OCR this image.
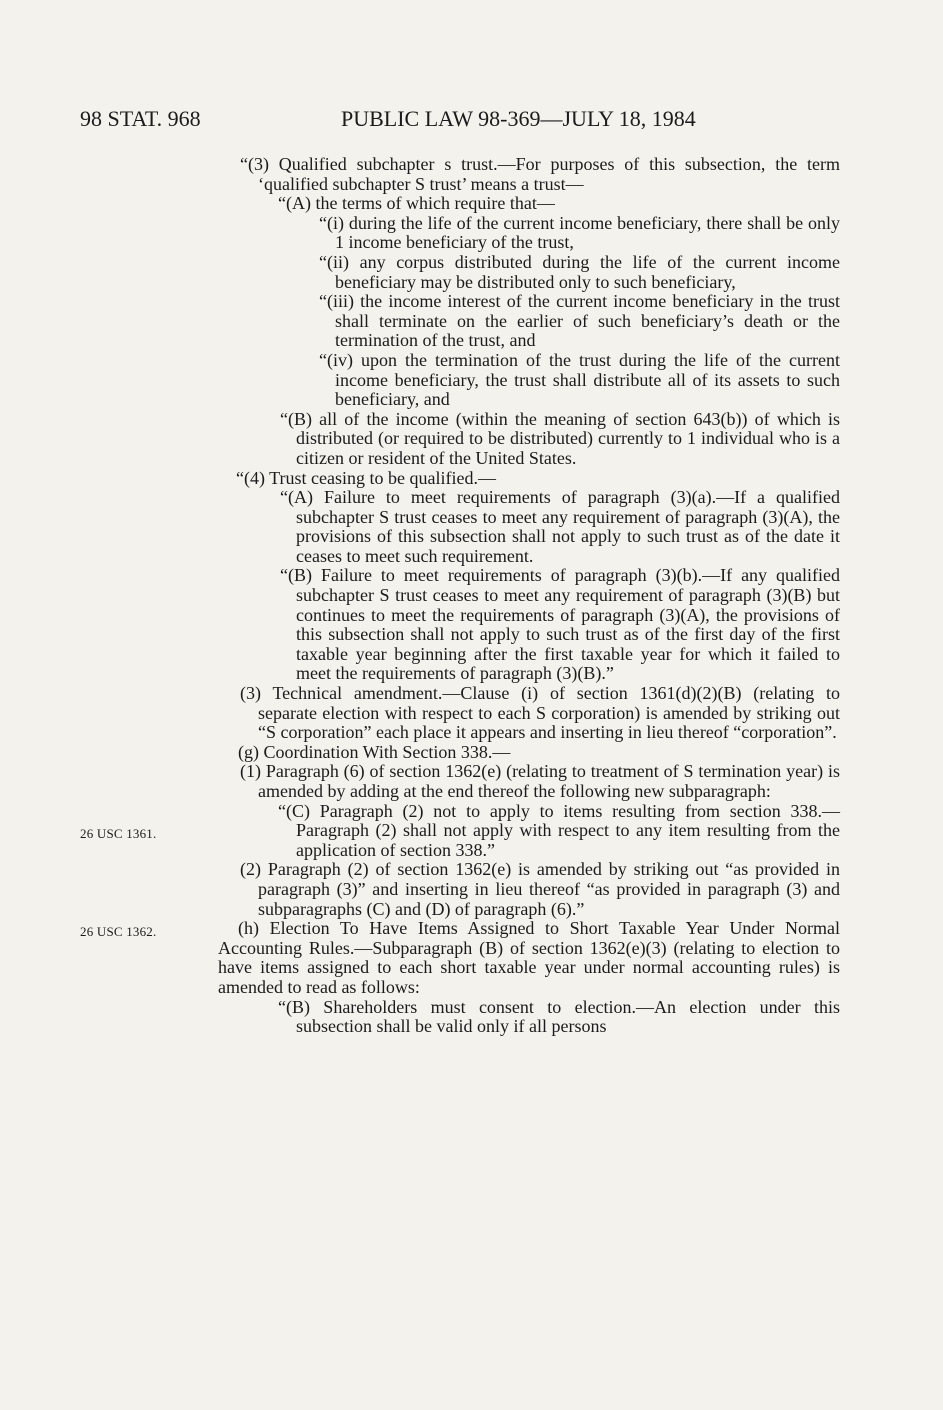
98 STAT. 968	PUBLIC LAW 98-369—JULY 18, 1984
26 USC 1361.
26 USC 1362.

“(3) Qualified subchapter s trust.—For purposes of this subsection, the term ‘qualified subchapter S trust’ means a trust—

“(A) the terms of which require that—

“(i) during the life of the current income beneficiary, there shall be only 1 income beneficiary of the trust,

“(ii) any corpus distributed during the life of the current income beneficiary may be distributed only to such beneficiary,

“(iii) the income interest of the current income beneficiary in the trust shall terminate on the earlier of such beneficiary’s death or the termination of the trust, and

“(iv) upon the termination of the trust during the life of the current income beneficiary, the trust shall distribute all of its assets to such beneficiary, and

“(B) all of the income (within the meaning of section 643(b)) of which is distributed (or required to be distributed) currently to 1 individual who is a citizen or resident of the United States.

“(4) Trust ceasing to be qualified.—

“(A) Failure to meet requirements of paragraph (3)(a).—If a qualified subchapter S trust ceases to meet any requirement of paragraph (3)(A), the provisions of this subsection shall not apply to such trust as of the date it ceases to meet such requirement.

“(B) Failure to meet requirements of paragraph (3)(b).—If any qualified subchapter S trust ceases to meet any requirement of paragraph (3)(B) but continues to meet the requirements of paragraph (3)(A), the provisions of this subsection shall not apply to such trust as of the first day of the first taxable year beginning after the first taxable year for which it failed to meet the requirements of paragraph (3)(B).”

(3) Technical amendment.—Clause (i) of section 1361(d)(2)(B) (relating to separate election with respect to each S corporation) is amended by striking out “S corporation” each place it appears and inserting in lieu thereof “corporation”.

(g) Coordination With Section 338.—

(1) Paragraph (6) of section 1362(e) (relating to treatment of S termination year) is amended by adding at the end thereof the following new subparagraph:

“(C) Paragraph (2) not to apply to items resulting from section 338.—Paragraph (2) shall not apply with respect to any item resulting from the application of section 338.”

(2) Paragraph (2) of section 1362(e) is amended by striking out “as provided in paragraph (3)” and inserting in lieu thereof “as provided in paragraph (3) and subparagraphs (C) and (D) of paragraph (6).”

(h) Election To Have Items Assigned to Short Taxable Year Under Normal Accounting Rules.—Subparagraph (B) of section 1362(e)(3) (relating to election to have items assigned to each short taxable year under normal accounting rules) is amended to read as follows:

“(B) Shareholders must consent to election.—An election under this subsection shall be valid only if all persons
